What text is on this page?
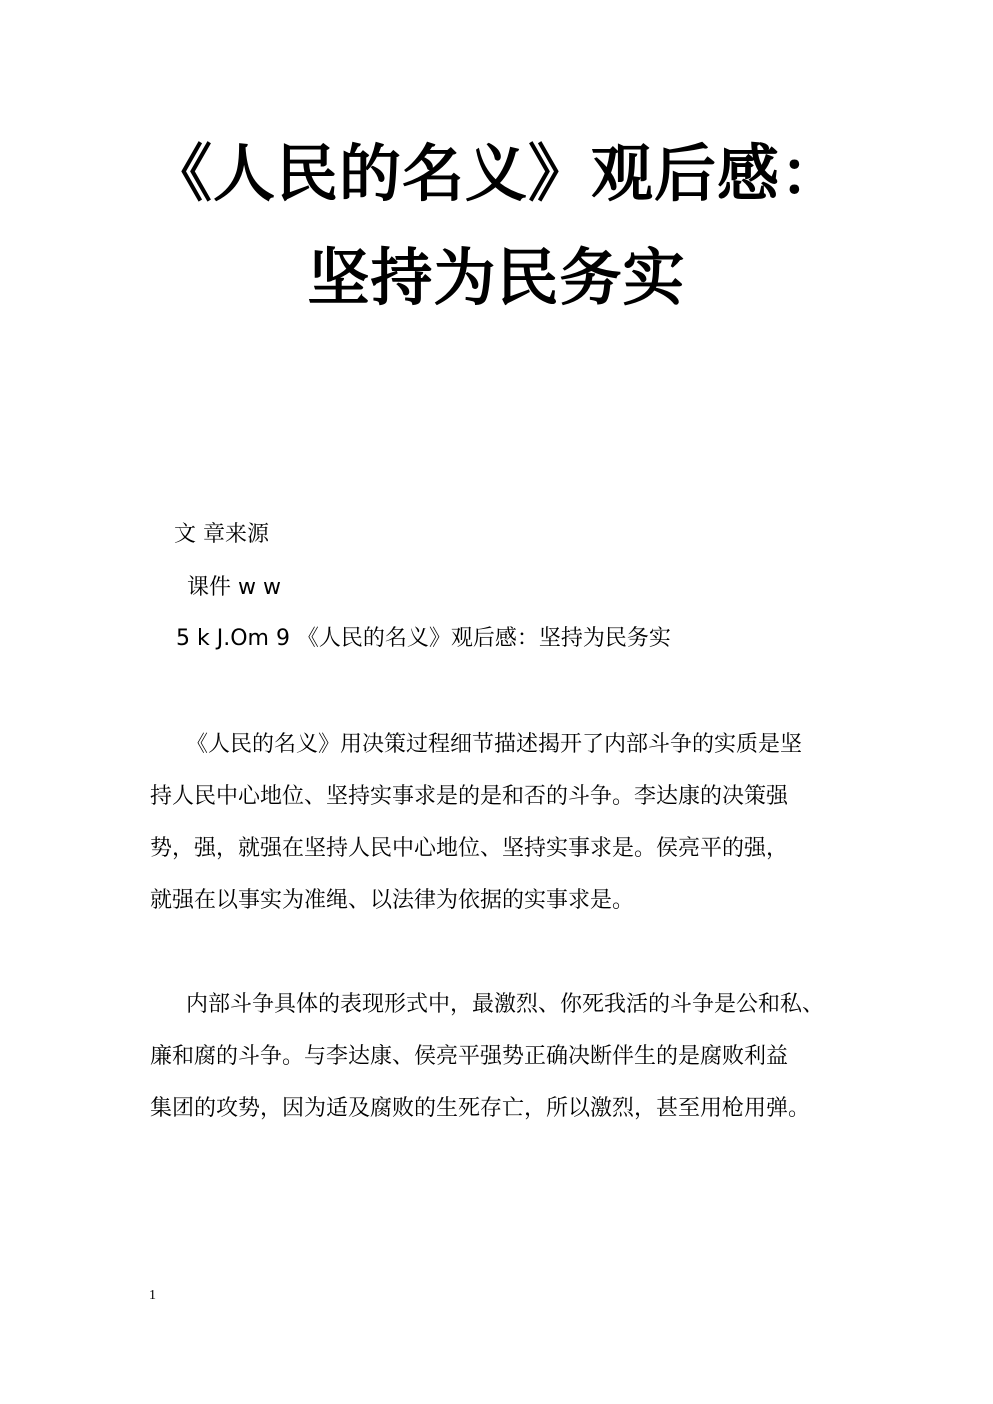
《人民的名义》观后感：
坚持为民务实
文 章来源
课件 w w
5 k J.Om 9 《人民的名义》观后感：坚持为民务实
《人民的名义》用决策过程细节描述揭开了内部斗争的实质是坚
持人民中心地位、坚持实事求是的是和否的斗争。李达康的决策强
势，强，就强在坚持人民中心地位、坚持实事求是。侯亮平的强，
就强在以事实为准绳、以法律为依据的实事求是。
内部斗争具体的表现形式中，最激烈、你死我活的斗争是公和私、
廉和腐的斗争。与李达康、侯亮平强势正确决断伴生的是腐败利益
集团的攻势，因为适及腐败的生死存亡，所以激烈，甚至用枪用弹。
1
